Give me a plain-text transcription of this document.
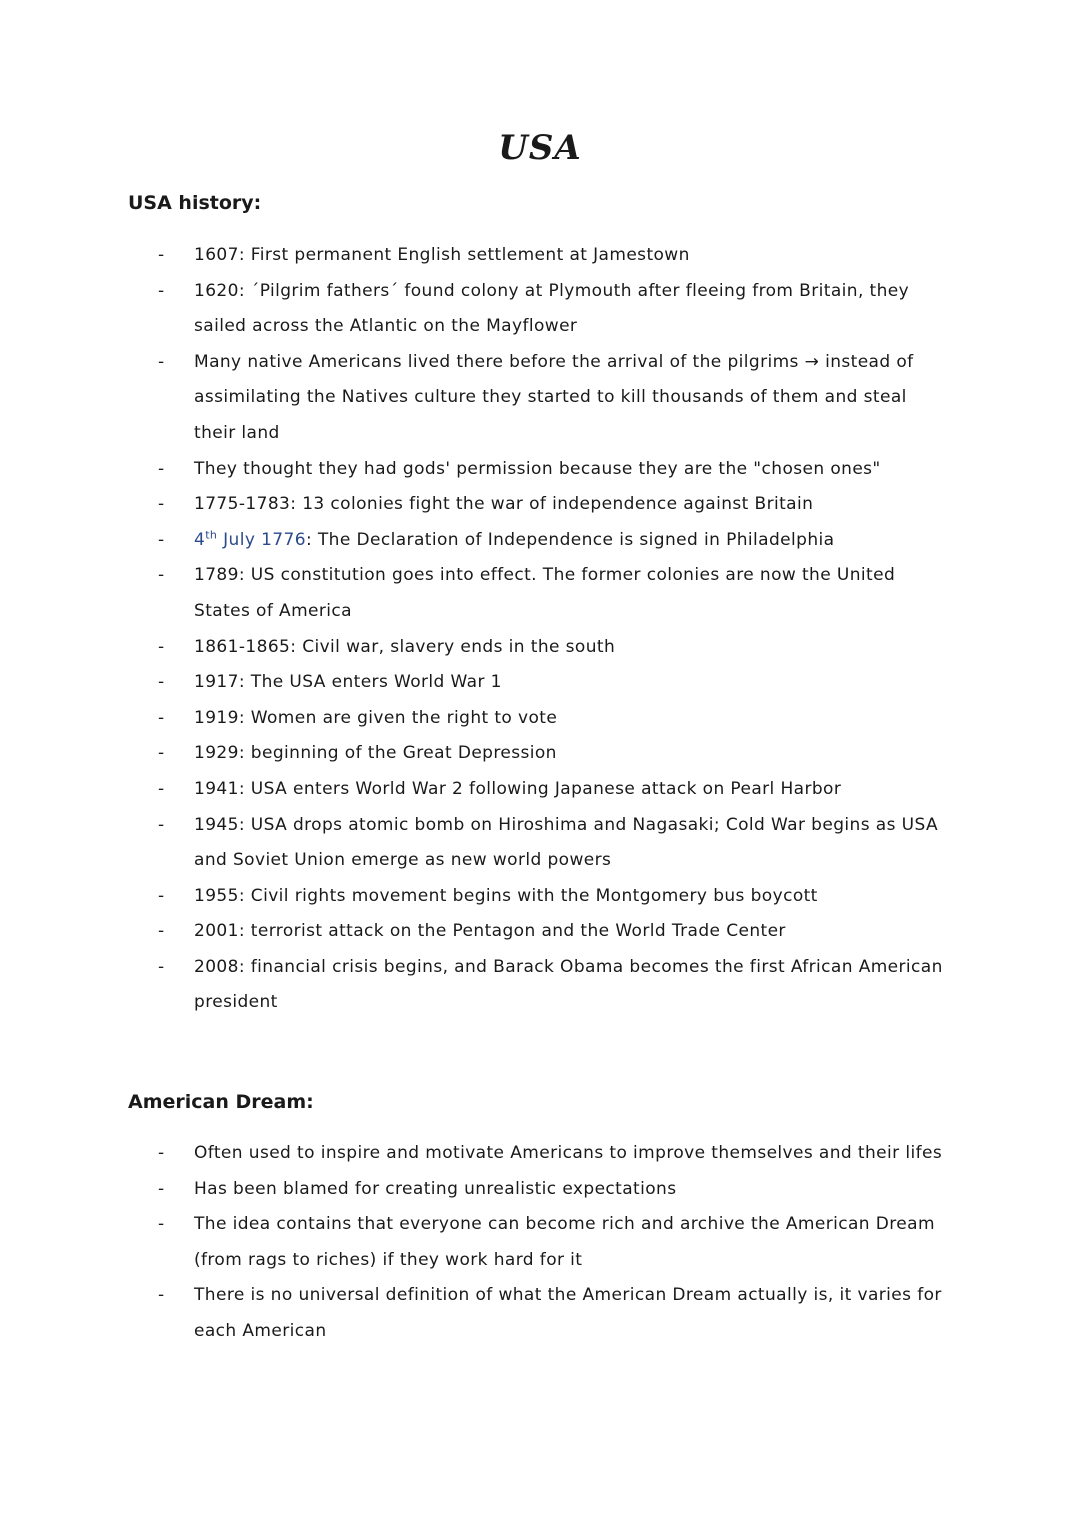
USA
USA history:
- 1607: First permanent English settlement at Jamestown
- 1620: ´Pilgrim fathers´ found colony at Plymouth after fleeing from Britain, they sailed across the Atlantic on the Mayflower
- Many native Americans lived there before the arrival of the pilgrims → instead of assimilating the Natives culture they started to kill thousands of them and steal their land
- They thought they had gods' permission because they are the "chosen ones"
- 1775-1783: 13 colonies fight the war of independence against Britain
- 4th July 1776: The Declaration of Independence is signed in Philadelphia
- 1789: US constitution goes into effect. The former colonies are now the United States of America
- 1861-1865: Civil war, slavery ends in the south
- 1917: The USA enters World War 1
- 1919: Women are given the right to vote
- 1929: beginning of the Great Depression
- 1941: USA enters World War 2 following Japanese attack on Pearl Harbor
- 1945: USA drops atomic bomb on Hiroshima and Nagasaki; Cold War begins as USA and Soviet Union emerge as new world powers
- 1955: Civil rights movement begins with the Montgomery bus boycott
- 2001: terrorist attack on the Pentagon and the World Trade Center
- 2008: financial crisis begins, and Barack Obama becomes the first African American president
American Dream:
- Often used to inspire and motivate Americans to improve themselves and their lifes
- Has been blamed for creating unrealistic expectations
- The idea contains that everyone can become rich and archive the American Dream (from rags to riches) if they work hard for it
- There is no universal definition of what the American Dream actually is, it varies for each American
